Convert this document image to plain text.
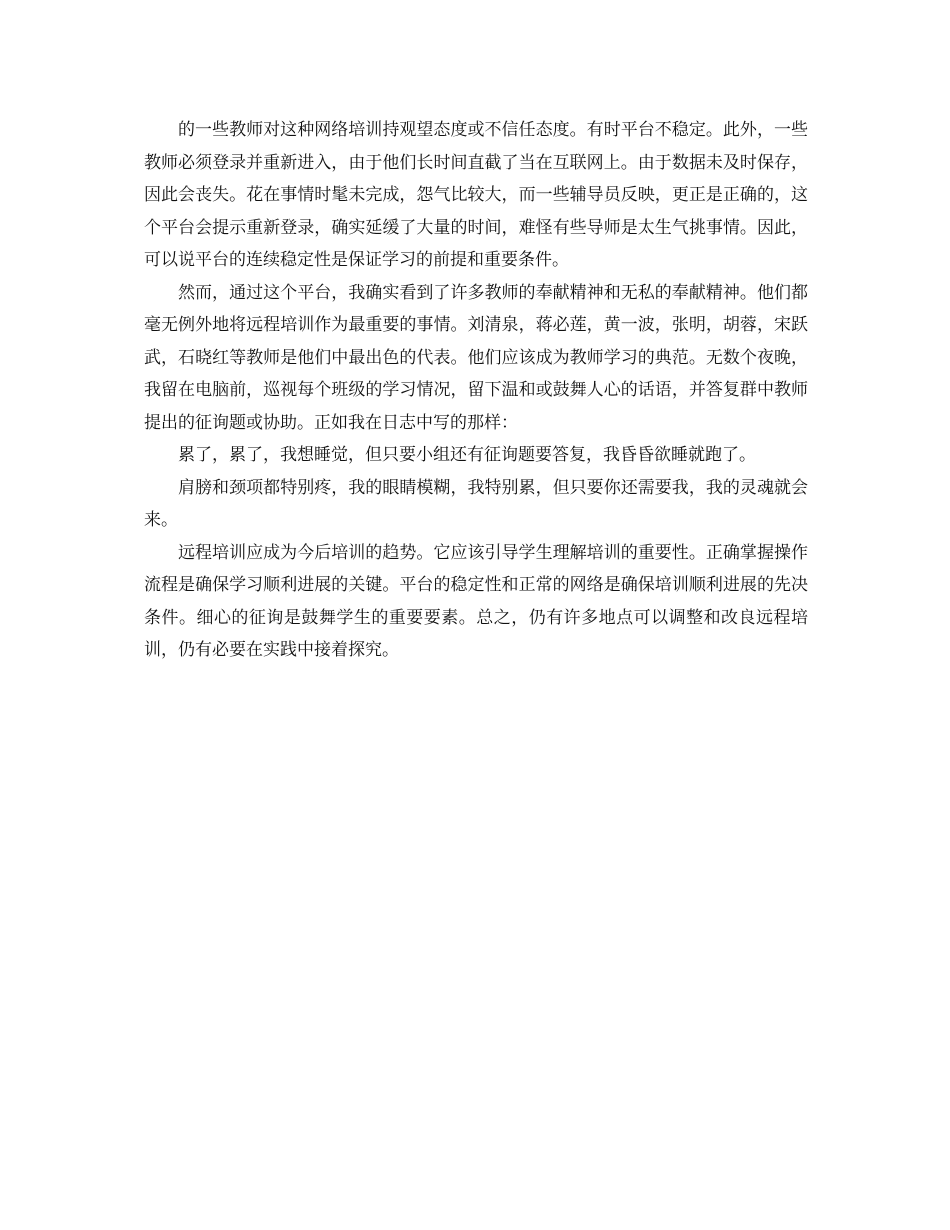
的一些教师对这种网络培训持观望态度或不信任态度。有时平台不稳定。此外，一些教师必须登录并重新进入，由于他们长时间直截了当在互联网上。由于数据未及时保存，因此会丧失。花在事情时髦未完成，怨气比较大，而一些辅导员反映，更正是正确的，这个平台会提示重新登录，确实延缓了大量的时间，难怪有些导师是太生气挑事情。因此，可以说平台的连续稳定性是保证学习的前提和重要条件。

然而，通过这个平台，我确实看到了许多教师的奉献精神和无私的奉献精神。他们都毫无例外地将远程培训作为最重要的事情。刘清泉，蒋必莲，黄一波，张明，胡蓉，宋跃武，石晓红等教师是他们中最出色的代表。他们应该成为教师学习的典范。无数个夜晚，我留在电脑前，巡视每个班级的学习情况，留下温和或鼓舞人心的话语，并答复群中教师提出的征询题或协助。正如我在日志中写的那样：

累了，累了，我想睡觉，但只要小组还有征询题要答复，我昏昏欲睡就跑了。

肩膀和颈项都特别疼，我的眼睛模糊，我特别累，但只要你还需要我，我的灵魂就会来。

远程培训应成为今后培训的趋势。它应该引导学生理解培训的重要性。正确掌握操作流程是确保学习顺利进展的关键。平台的稳定性和正常的网络是确保培训顺利进展的先决条件。细心的征询是鼓舞学生的重要要素。总之，仍有许多地点可以调整和改良远程培训，仍有必要在实践中接着探究。
